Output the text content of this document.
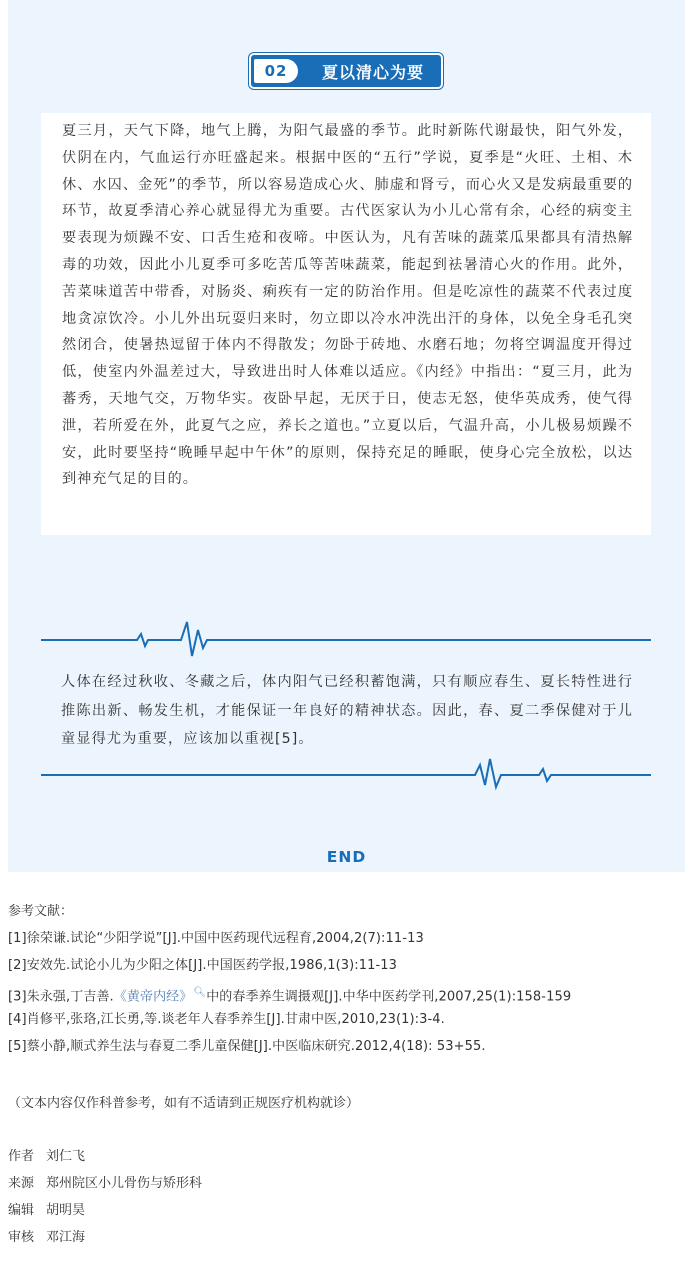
02	夏以清心为要

夏三月，天气下降，地气上腾，为阳气最盛的季节。此时新陈代谢最快，阳气外发，伏阴在内，气血运行亦旺盛起来。根据中医的“五行”学说，夏季是“火旺、土相、木休、水囚、金死”的季节，所以容易造成心火、肺虚和肾亏，而心火又是发病最重要的环节，故夏季清心养心就显得尤为重要。古代医家认为小儿心常有余，心经的病变主要表现为烦躁不安、口舌生疮和夜啼。中医认为，凡有苦味的蔬菜瓜果都具有清热解毒的功效，因此小儿夏季可多吃苦瓜等苦味蔬菜，能起到祛暑清心火的作用。此外，苦菜味道苦中带香，对肠炎、痢疾有一定的防治作用。但是吃凉性的蔬菜不代表过度地贪凉饮冷。小儿外出玩耍归来时，勿立即以冷水冲洗出汗的身体，以免全身毛孔突然闭合，使暑热逗留于体内不得散发；勿卧于砖地、水磨石地；勿将空调温度开得过低，使室内外温差过大，导致进出时人体难以适应。《内经》中指出：“夏三月，此为蕃秀，天地气交，万物华实。夜卧早起，无厌于日，使志无怒，使华英成秀，使气得泄，若所爱在外，此夏气之应，养长之道也。”立夏以后，气温升高，小儿极易烦躁不安，此时要坚持“晚睡早起中午休”的原则，保持充足的睡眠，使身心完全放松，以达到神充气足的目的。

人体在经过秋收、冬藏之后，体内阳气已经积蓄饱满，只有顺应春生、夏长特性进行推陈出新、畅发生机，才能保证一年良好的精神状态。因此，春、夏二季保健对于儿童显得尤为重要，应该加以重视[5]。

END
参考文献：
[1]徐荣谦.试论“少阳学说”[J].中国中医药现代远程育,2004,2(7):11-13
[2]安效先.试论小儿为少阳之体[J].中国医药学报,1986,1(3):11-13
[3]朱永强,丁吉善.《黄帝内经》🔍︎中的春季养生调摄观[J].中华中医药学刊,2007,25(1):158-159
[4]肖修平,张珞,江长勇,等.谈老年人春季养生[J].甘肃中医,2010,23(1):3-4.
[5]蔡小静,顺式养生法与春夏二季儿童保健[J].中医临床研究.2012,4(18): 53+55.
（文本内容仅作科普参考，如有不适请到正规医疗机构就诊）
作者 刘仁飞
来源 郑州院区小儿骨伤与矫形科
编辑 胡明昊
审核 邓江海
